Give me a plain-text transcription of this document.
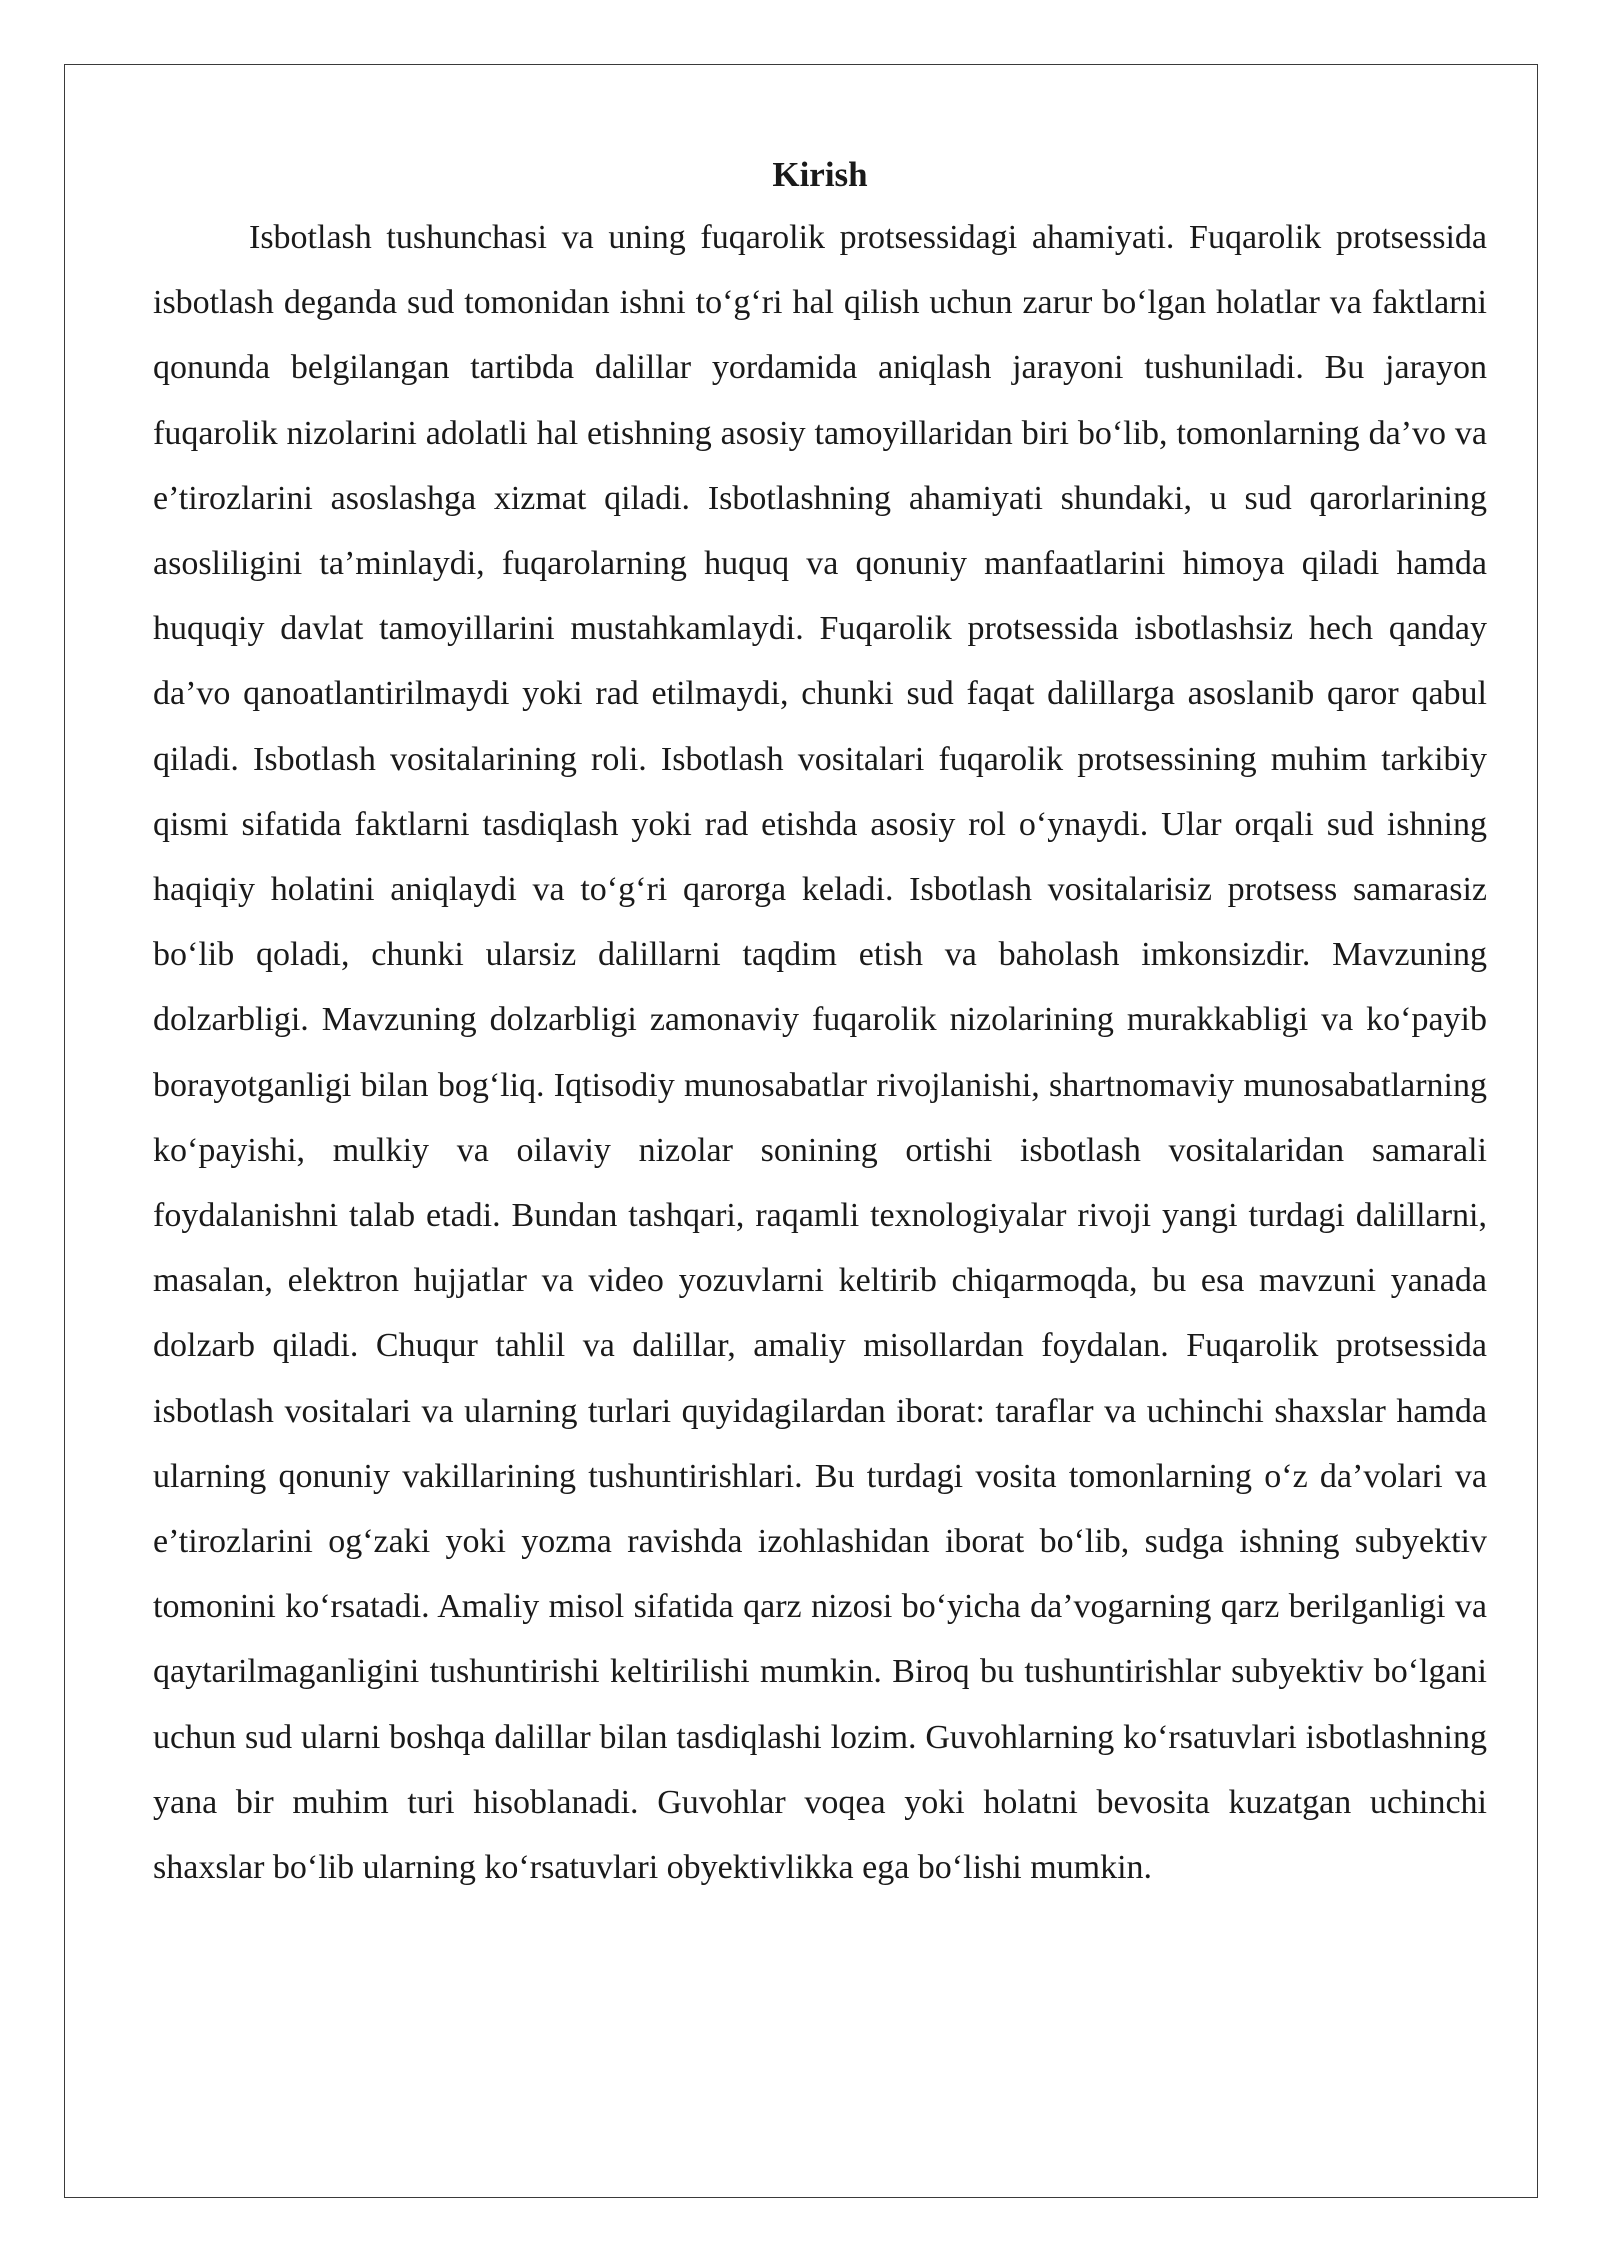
Kirish

Isbotlash tushunchasi va uning fuqarolik protsessidagi ahamiyati. Fuqarolik protsessida isbotlash deganda sud tomonidan ishni to‘g‘ri hal qilish uchun zarur bo‘lgan holatlar va faktlarni qonunda belgilangan tartibda dalillar yordamida aniqlash jarayoni tushuniladi. Bu jarayon fuqarolik nizolarini adolatli hal etishning asosiy tamoyillaridan biri bo‘lib, tomonlarning da’vo va e’tirozlarini asoslashga xizmat qiladi. Isbotlashning ahamiyati shundaki, u sud qarorlarining asosliligini ta’minlaydi, fuqarolarning huquq va qonuniy manfaatlarini himoya qiladi hamda huquqiy davlat tamoyillarini mustahkamlaydi. Fuqarolik protsessida isbotlashsiz hech qanday da’vo qanoatlantirilmaydi yoki rad etilmaydi, chunki sud faqat dalillarga asoslanib qaror qabul qiladi. Isbotlash vositalarining roli. Isbotlash vositalari fuqarolik protsessining muhim tarkibiy qismi sifatida faktlarni tasdiqlash yoki rad etishda asosiy rol o‘ynaydi. Ular orqali sud ishning haqiqiy holatini aniqlaydi va to‘g‘ri qarorga keladi. Isbotlash vositalarisiz protsess samarasiz bo‘lib qoladi, chunki ularsiz dalillarni taqdim etish va baholash imkonsizdir. Mavzuning dolzarbligi. Mavzuning dolzarbligi zamonaviy fuqarolik nizolarining murakkabligi va ko‘payib borayotganligi bilan bog‘liq. Iqtisodiy munosabatlar rivojlanishi, shartnomaviy munosabatlarning ko‘payishi, mulkiy va oilaviy nizolar sonining ortishi isbotlash vositalaridan samarali foydalanishni talab etadi. Bundan tashqari, raqamli texnologiyalar rivoji yangi turdagi dalillarni, masalan, elektron hujjatlar va video yozuvlarni keltirib chiqarmoqda, bu esa mavzuni yanada dolzarb qiladi. Chuqur tahlil va dalillar, amaliy misollardan foydalan. Fuqarolik protsessida isbotlash vositalari va ularning turlari quyidagilardan iborat: taraflar va uchinchi shaxslar hamda ularning qonuniy vakillarining tushuntirishlari. Bu turdagi vosita tomonlarning o‘z da’volari va e’tirozlarini og‘zaki yoki yozma ravishda izohlashidan iborat bo‘lib, sudga ishning subyektiv tomonini ko‘rsatadi. Amaliy misol sifatida qarz nizosi bo‘yicha da’vogarning qarz berilganligi va qaytarilmaganligini tushuntirishi keltirilishi mumkin. Biroq bu tushuntirishlar subyektiv bo‘lgani uchun sud ularni boshqa dalillar bilan tasdiqlashi lozim. Guvohlarning ko‘rsatuvlari isbotlashning yana bir muhim turi hisoblanadi. Guvohlar voqea yoki holatni bevosita kuzatgan uchinchi shaxslar bo‘lib ularning ko‘rsatuvlari obyektivlikka ega bo‘lishi mumkin.
